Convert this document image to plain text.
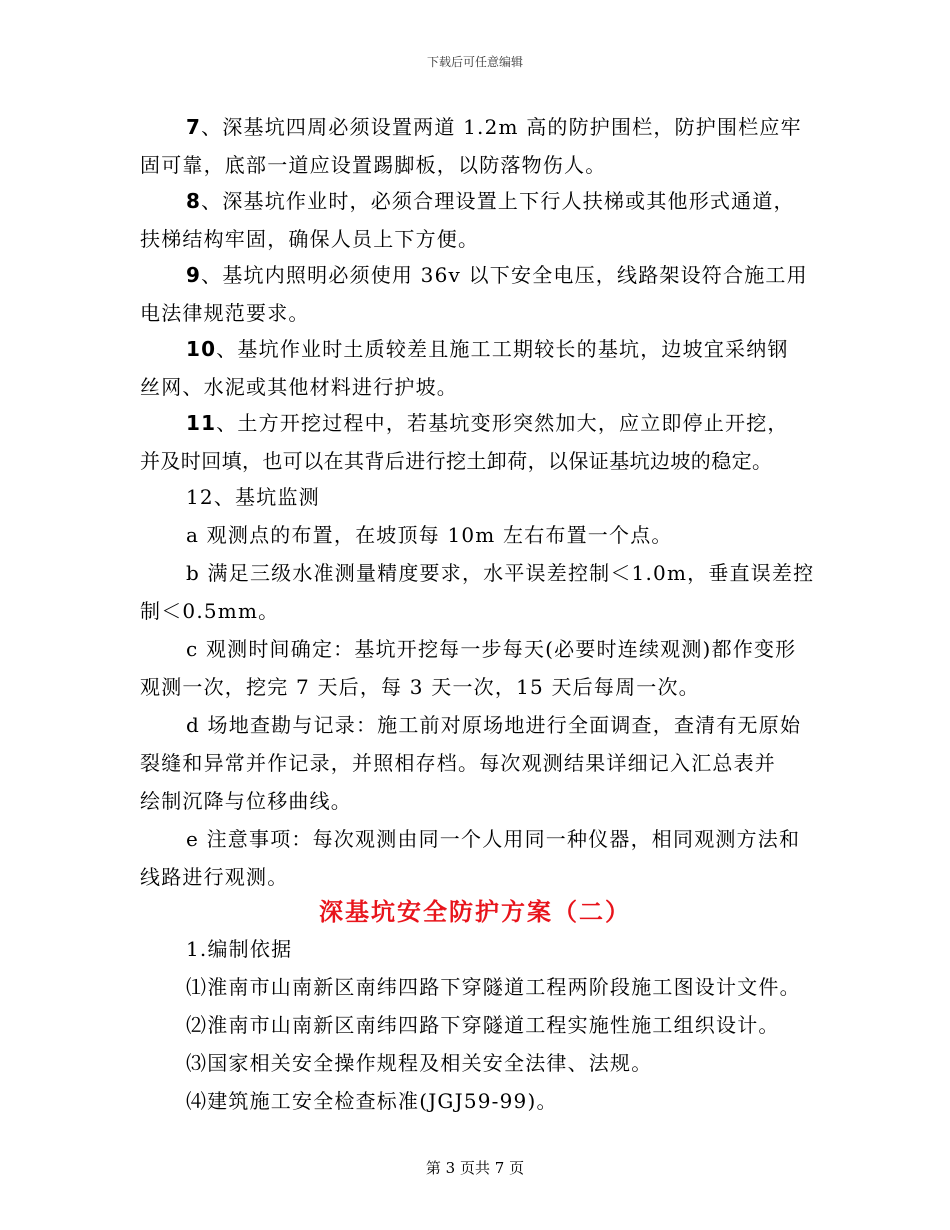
下载后可任意编辑
7、深基坑四周必须设置两道 1.2m 高的防护围栏，防护围栏应牢
固可靠，底部一道应设置踢脚板，以防落物伤人。
8、深基坑作业时，必须合理设置上下行人扶梯或其他形式通道，
扶梯结构牢固，确保人员上下方便。
9、基坑内照明必须使用 36v 以下安全电压，线路架设符合施工用
电法律规范要求。
10、基坑作业时土质较差且施工工期较长的基坑，边坡宜采纳钢
丝网、水泥或其他材料进行护坡。
11、土方开挖过程中，若基坑变形突然加大，应立即停止开挖，
并及时回填，也可以在其背后进行挖土卸荷，以保证基坑边坡的稳定。
12、基坑监测
a 观测点的布置，在坡顶每 10m 左右布置一个点。
b 满足三级水准测量精度要求，水平误差控制＜1.0m，垂直误差控
制＜0.5mm。
c 观测时间确定：基坑开挖每一步每天(必要时连续观测)都作变形
观测一次，挖完 7 天后，每 3 天一次，15 天后每周一次。
d 场地查勘与记录：施工前对原场地进行全面调查，查清有无原始
裂缝和异常并作记录，并照相存档。每次观测结果详细记入汇总表并
绘制沉降与位移曲线。
e 注意事项：每次观测由同一个人用同一种仪器，相同观测方法和
线路进行观测。
深基坑安全防护方案（二）
1.编制依据
⑴淮南市山南新区南纬四路下穿隧道工程两阶段施工图设计文件。
⑵淮南市山南新区南纬四路下穿隧道工程实施性施工组织设计。
⑶国家相关安全操作规程及相关安全法律、法规。
⑷建筑施工安全检查标准(JGJ59-99)。
第 3 页共 7 页
